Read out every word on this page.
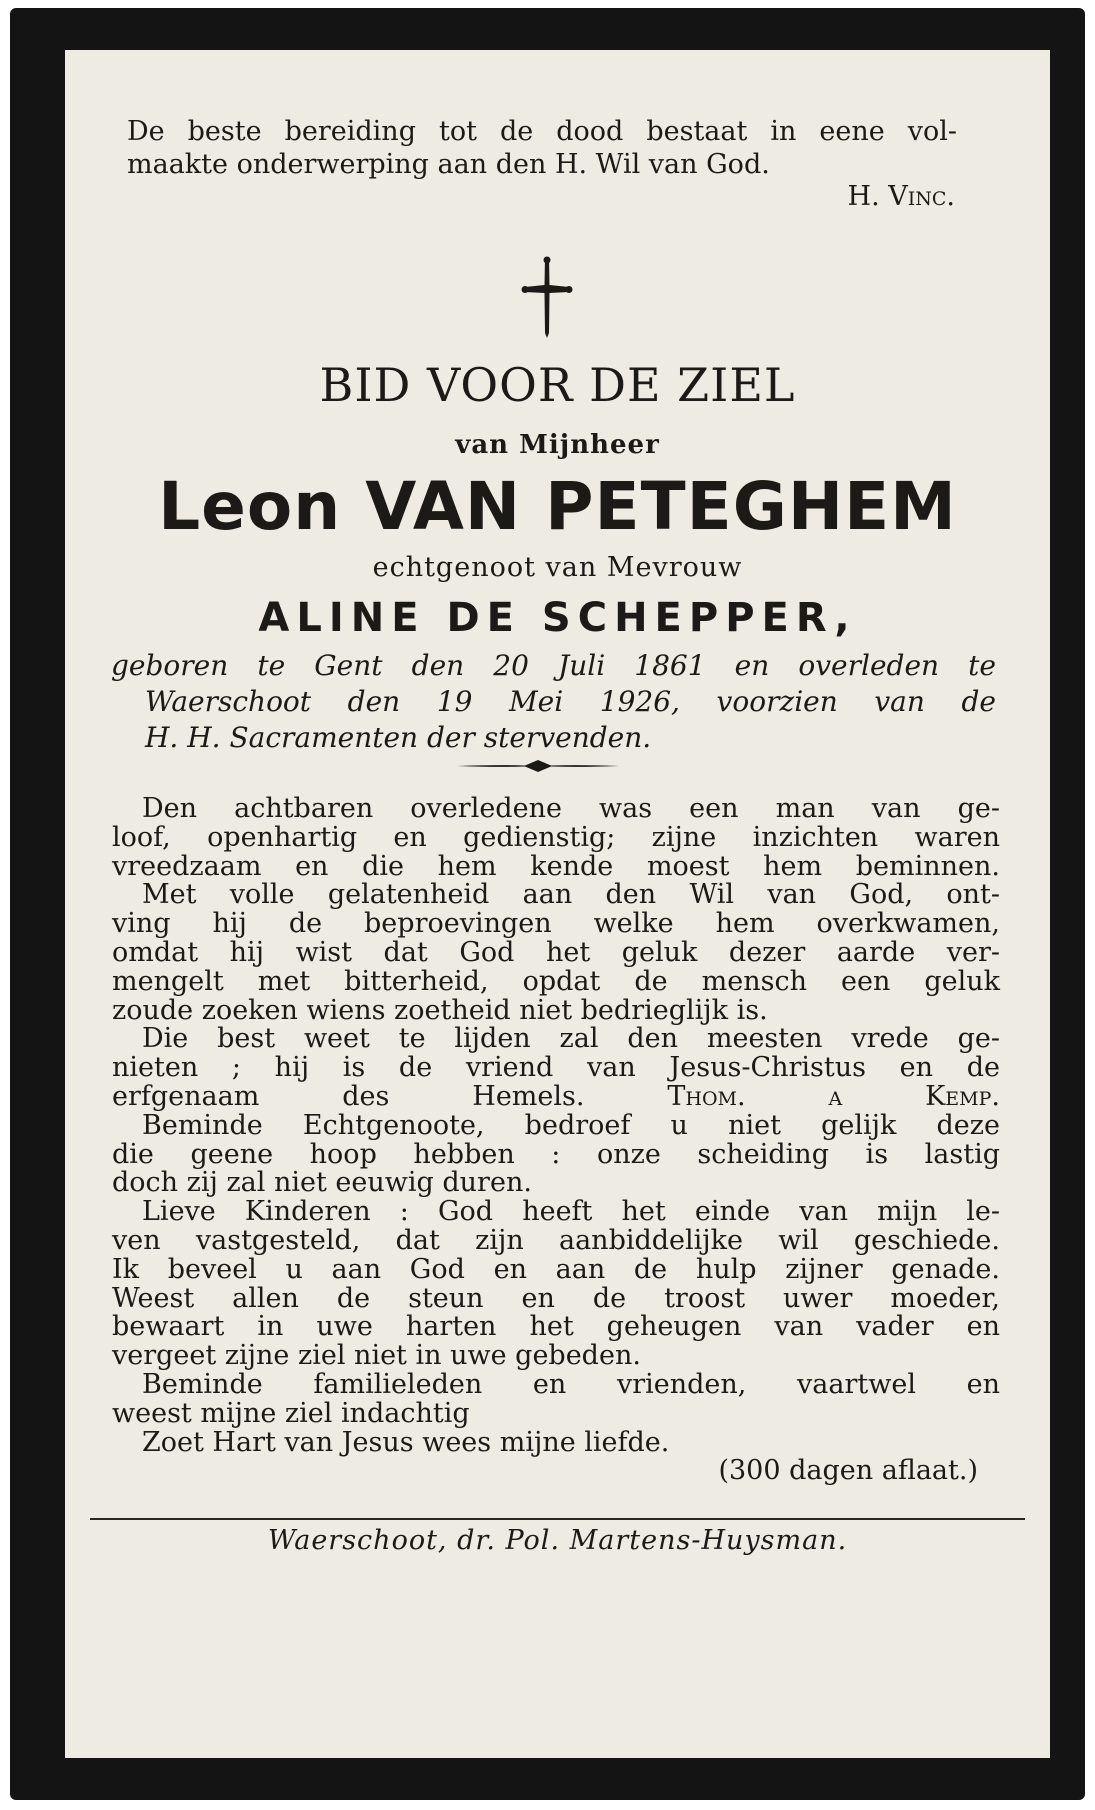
De beste bereiding tot de dood bestaat in eene vol-
maakte onderwerping aan den H. Wil van God.
H. Vinc.
BID VOOR DE ZIEL
van Mijnheer
Leon VAN PETEGHEM
echtgenoot van Mevrouw
ALINE DE SCHEPPER,
geboren te Gent den 20 Juli 1861 en overleden te
Waerschoot den 19 Mei 1926, voorzien van de
H. H. Sacramenten der stervenden.
Den achtbaren overledene was een man van ge-
loof, openhartig en gedienstig; zijne inzichten waren
vreedzaam en die hem kende moest hem beminnen.
Met volle gelatenheid aan den Wil van God, ont-
ving hij de beproevingen welke hem overkwamen,
omdat hij wist dat God het geluk dezer aarde ver-
mengelt met bitterheid, opdat de mensch een geluk
zoude zoeken wiens zoetheid niet bedrieglijk is.
Die best weet te lijden zal den meesten vrede ge-
nieten ; hij is de vriend van Jesus-Christus en de
erfgenaam des Hemels.	Thom. a Kemp.
Beminde Echtgenoote, bedroef u niet gelijk deze
die geene hoop hebben : onze scheiding is lastig
doch zij zal niet eeuwig duren.
Lieve Kinderen : God heeft het einde van mijn le-
ven vastgesteld, dat zijn aanbiddelijke wil geschiede.
Ik beveel u aan God en aan de hulp zijner genade.
Weest allen de steun en de troost uwer moeder,
bewaart in uwe harten het geheugen van vader en
vergeet zijne ziel niet in uwe gebeden.
Beminde familieleden en vrienden, vaartwel en
weest mijne ziel indachtig
Zoet Hart van Jesus wees mijne liefde.
(300 dagen aflaat.)
Waerschoot, dr. Pol. Martens-Huysman.
